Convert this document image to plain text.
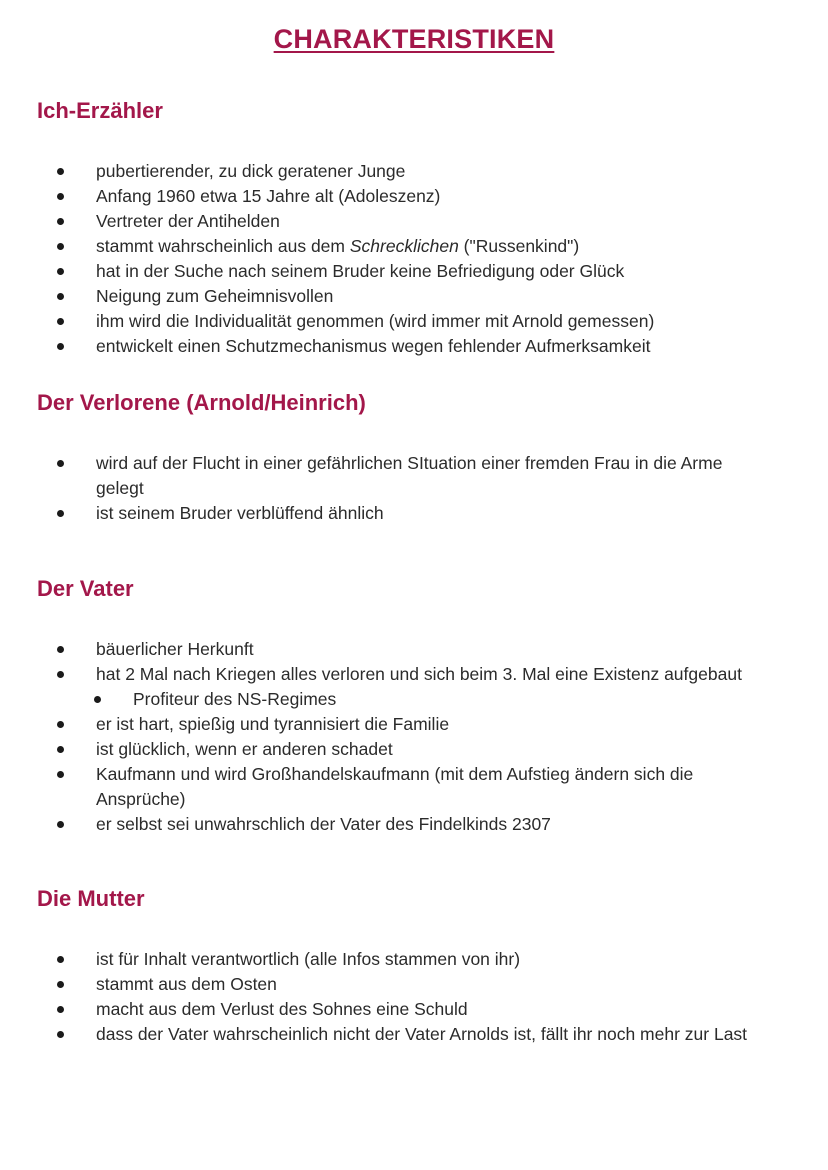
CHARAKTERISTIKEN
Ich-Erzähler
pubertierender, zu dick geratener Junge
Anfang 1960 etwa 15 Jahre alt (Adoleszenz)
Vertreter der Antihelden
stammt wahrscheinlich aus dem Schrecklichen ("Russenkind")
hat in der Suche nach seinem Bruder keine Befriedigung oder Glück
Neigung zum Geheimnisvollen
ihm wird die Individualität genommen (wird immer mit Arnold gemessen)
entwickelt einen Schutzmechanismus wegen fehlender Aufmerksamkeit
Der Verlorene (Arnold/Heinrich)
wird auf der Flucht in einer gefährlichen SItuation einer fremden Frau in die Arme gelegt
ist seinem Bruder verblüffend ähnlich
Der Vater
bäuerlicher Herkunft
hat 2 Mal nach Kriegen alles verloren und sich beim 3. Mal eine Existenz aufgebaut
Profiteur des NS-Regimes
er ist hart, spießig und tyrannisiert die Familie
ist glücklich, wenn er anderen schadet
Kaufmann und wird Großhandelskaufmann (mit dem Aufstieg ändern sich die Ansprüche)
er selbst sei unwahrschlich der Vater des Findelkinds 2307
Die Mutter
ist für Inhalt verantwortlich (alle Infos stammen von ihr)
stammt aus dem Osten
macht aus dem Verlust des Sohnes eine Schuld
dass der Vater wahrscheinlich nicht der Vater Arnolds ist, fällt ihr noch mehr zur Last
